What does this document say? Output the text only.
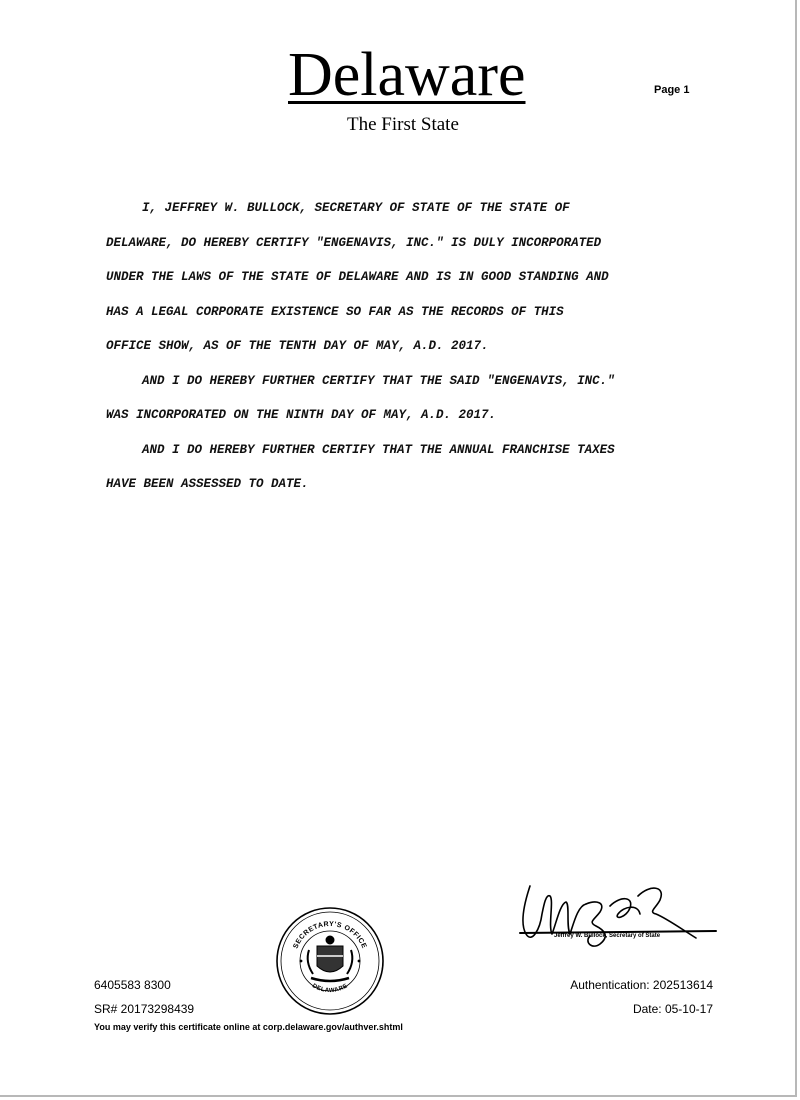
Delaware
The First State
Page 1
I, JEFFREY W. BULLOCK, SECRETARY OF STATE OF THE STATE OF
DELAWARE, DO HEREBY CERTIFY "ENGENAVIS, INC." IS DULY INCORPORATED
UNDER THE LAWS OF THE STATE OF DELAWARE AND IS IN GOOD STANDING AND
HAS A LEGAL CORPORATE EXISTENCE SO FAR AS THE RECORDS OF THIS
OFFICE SHOW, AS OF THE TENTH DAY OF MAY, A.D. 2017.
AND I DO HEREBY FURTHER CERTIFY THAT THE SAID "ENGENAVIS, INC."
WAS INCORPORATED ON THE NINTH DAY OF MAY, A.D. 2017.
AND I DO HEREBY FURTHER CERTIFY THAT THE ANNUAL FRANCHISE TAXES
HAVE BEEN ASSESSED TO DATE.
SECRETARY'S OFFICE
DELAWARE
Jeffrey W. Bullock, Secretary of State
6405583 8300
SR# 20173298439
You may verify this certificate online at corp.delaware.gov/authver.shtml
Authentication: 202513614
Date: 05-10-17
